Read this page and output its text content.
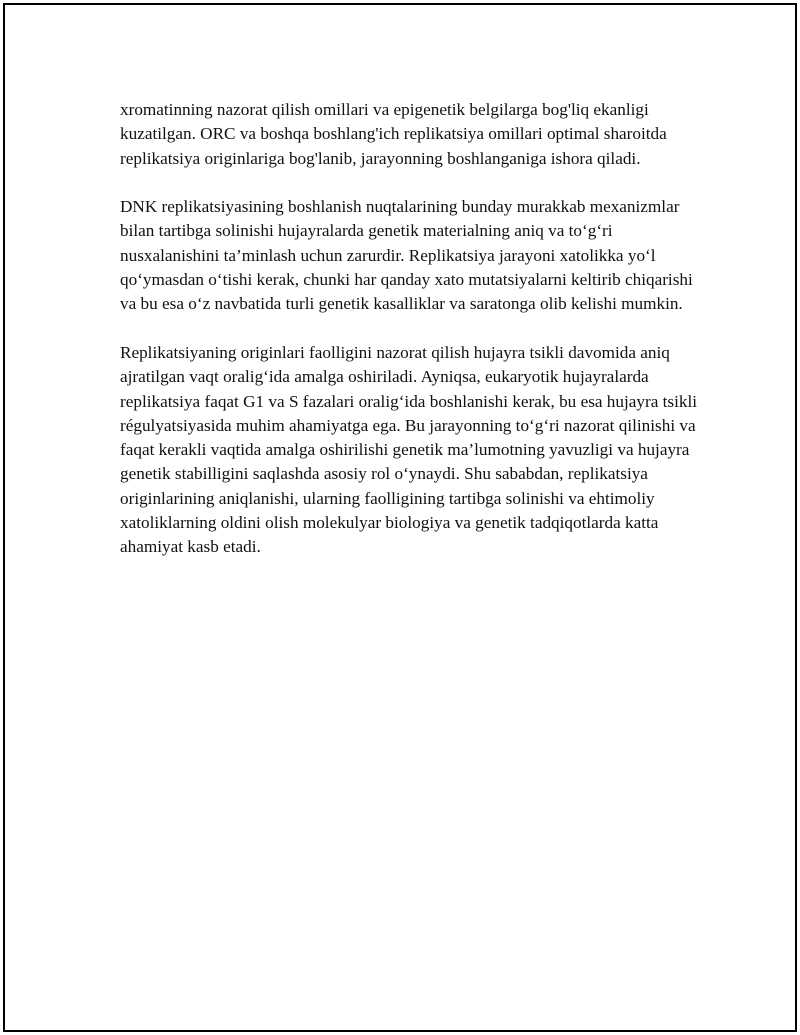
xromatinning nazorat qilish omillari va epigenetik belgilarga bog'liq ekanligi kuzatilgan. ORC va boshqa boshlang'ich replikatsiya omillari optimal sharoitda replikatsiya originlariga bog'lanib, jarayonning boshlanganiga ishora qiladi.

DNK replikatsiyasining boshlanish nuqtalarining bunday murakkab mexanizmlar bilan tartibga solinishi hujayralarda genetik materialning aniq va to‘g‘ri nusxalanishini ta’minlash uchun zarurdir. Replikatsiya jarayoni xatolikka yo‘l qo‘ymasdan o‘tishi kerak, chunki har qanday xato mutatsiyalarni keltirib chiqarishi va bu esa o‘z navbatida turli genetik kasalliklar va saratonga olib kelishi mumkin.

Replikatsiyaning originlari faolligini nazorat qilish hujayra tsikli davomida aniq ajratilgan vaqt oralig‘ida amalga oshiriladi. Ayniqsa, eukaryotik hujayralarda replikatsiya faqat G1 va S fazalari oralig‘ida boshlanishi kerak, bu esa hujayra tsikli régulyatsiyasida muhim ahamiyatga ega. Bu jarayonning to‘g‘ri nazorat qilinishi va faqat kerakli vaqtida amalga oshirilishi genetik ma’lumotning yavuzligi va hujayra genetik stabilligini saqlashda asosiy rol o‘ynaydi. Shu sababdan, replikatsiya originlarining aniqlanishi, ularning faolligining tartibga solinishi va ehtimoliy xatoliklarning oldini olish molekulyar biologiya va genetik tadqiqotlarda katta ahamiyat kasb etadi.
